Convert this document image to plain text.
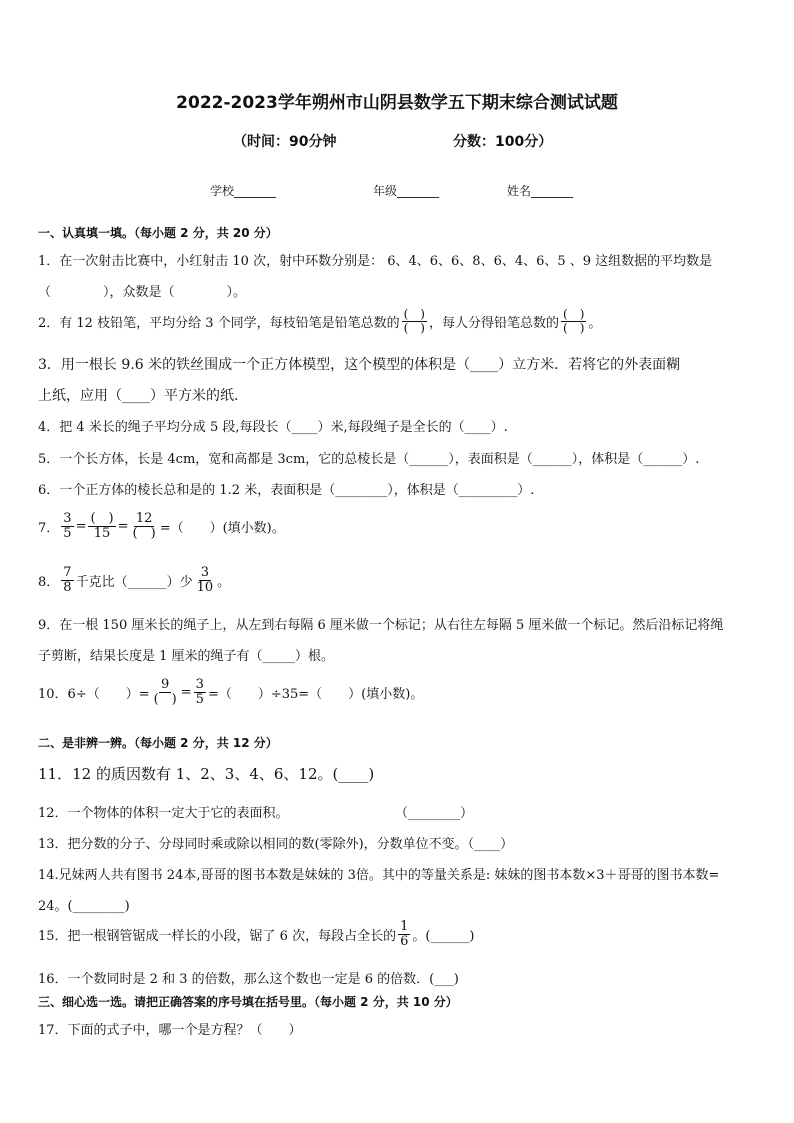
2022-2023学年朔州市山阴县数学五下期末综合测试试题
（时间：90分钟	分数：100分）
学校_______	年级_______	姓名_______
一、认真填一填。（每小题 2 分，共 20 分）
1．在一次射击比赛中，小红射击 10 次，射中环数分别是： 6、4、6、6、8、6、4、6、5 、9 这组数据的平均数是
（　　　　），众数是（　　　　）。
2．有 12 枝铅笔，平均分给 3 个同学，每枝铅笔是铅笔总数的 $\frac{( )}{( )}$ ，每人分得铅笔总数的 $\frac{( )}{( )}$ 。
3．用一根长 9.6 米的铁丝围成一个正方体模型，这个模型的体积是（____）立方米．若将它的外表面糊
上纸，应用（____）平方米的纸.
4．把 4 米长的绳子平均分成 5 段,每段长（____）米,每段绳子是全长的（____）.
5．一个长方体，长是 4cm，宽和高都是 3cm，它的总棱长是（______），表面积是（______），体积是（______）.
6．一个正方体的棱长总和是的 1.2 米，表面积是（________），体积是（_________）.
7． $\frac{3}{5} = \frac{( )}{15} = \frac{12}{( )}$ =（　　）(填小数)。
8． $\frac{7}{8}$ 千克比（______）少 $\frac{3}{10}$ 。
9．在一根 150 厘米长的绳子上，从左到右每隔 6 厘米做一个标记；从右往左每隔 5 厘米做一个标记。然后沿标记将绳
子剪断，结果长度是 1 厘米的绳子有（_____）根。
10．6÷（　　）= $\frac{9}{( )} = \frac{3}{5}$ =（　　）÷35=（　　）(填小数)。
二、是非辨一辨。（每小题 2 分，共 12 分）
11．12 的质因数有 1、2、3、4、6、12。(____)
12．一个物体的体积一定大于它的表面积。	（________）
13．把分数的分子、分母同时乘或除以相同的数(零除外)，分数单位不变。（____）
14.兄妹两人共有图书 24本,哥哥的图书本数是妹妹的 3倍。其中的等量关系是: 妹妹的图书本数×3＋哥哥的图书本数=
24。(________)
15．把一根钢管锯成一样长的小段，锯了 6 次，每段占全长的 $\frac{1}{6}$ 。(______)
16．一个数同时是 2 和 3 的倍数，那么这个数也一定是 6 的倍数．(___)
三、细心选一选。请把正确答案的序号填在括号里。（每小题 2 分，共 10 分）
17．下面的式子中，哪一个是方程？（　　）
